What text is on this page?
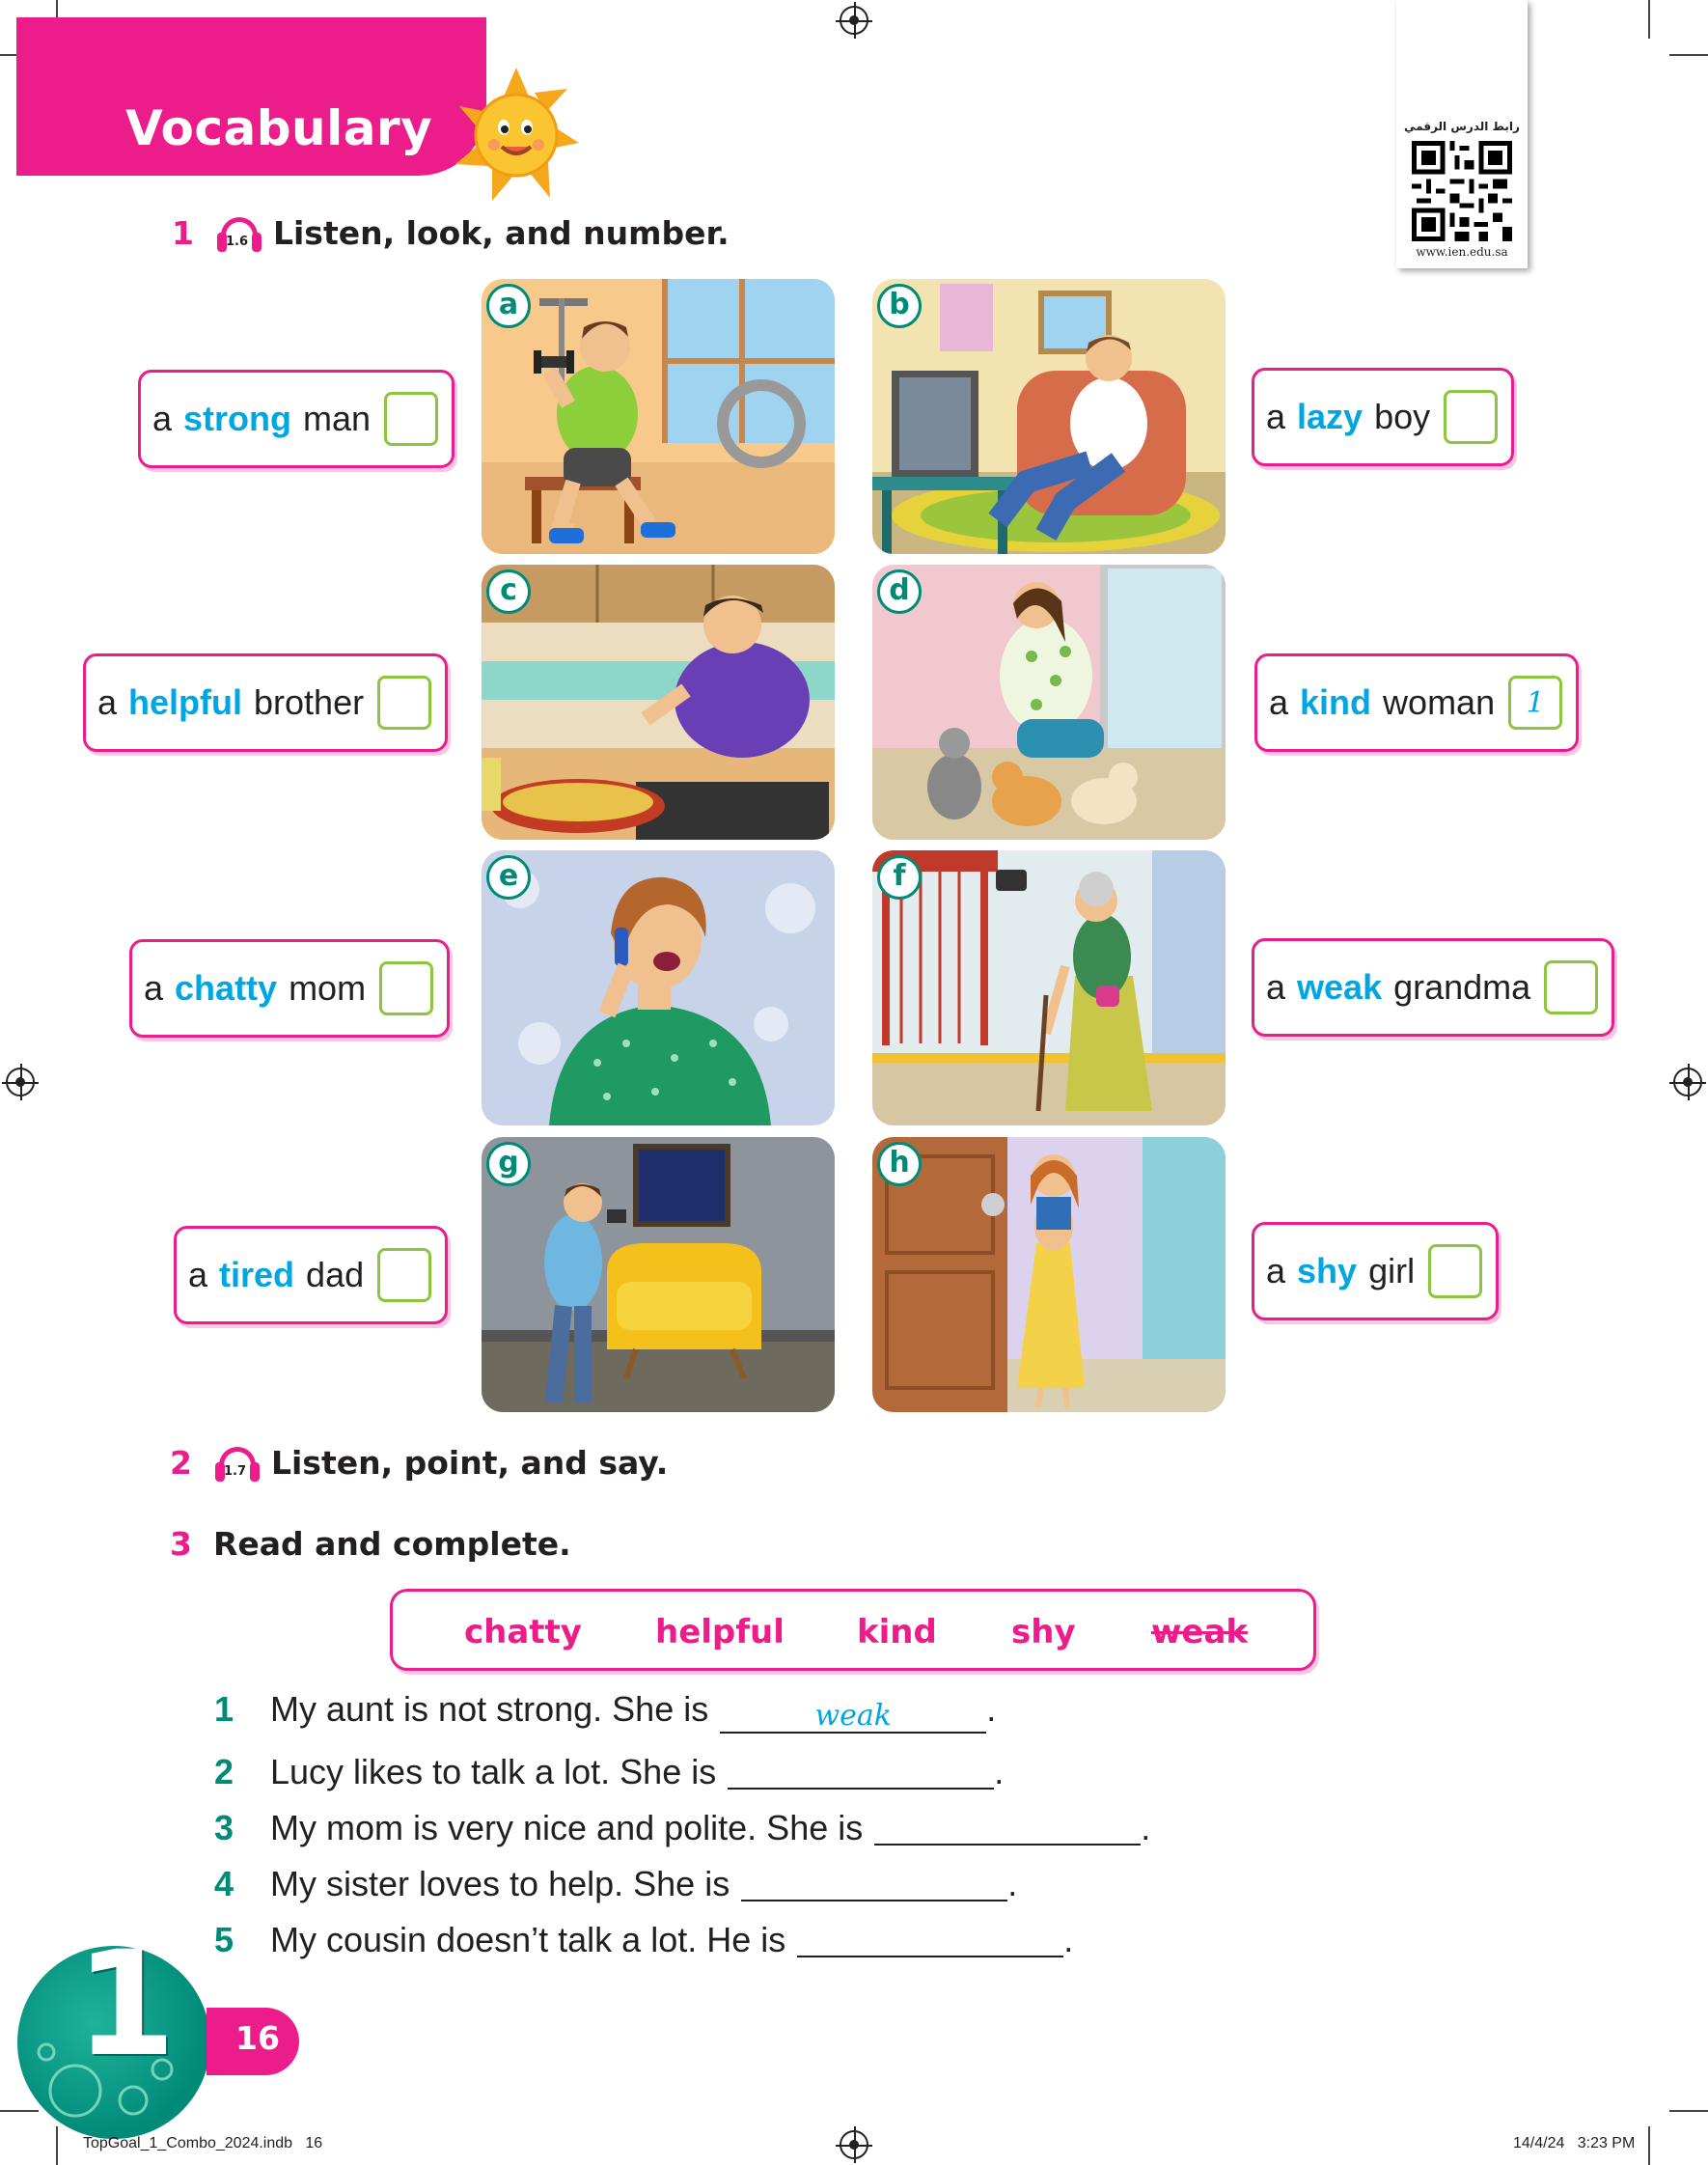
Vocabulary	رابط الدرس الرقمي
www.ien.edu.sa
1	1.6 Listen, look, and number.
a	b
c	d
e	f
g	h
a strong man	a lazy boy
a helpful brother	a kind woman	1
a chatty mom	a weak grandma
a tired dad	a shy girl
2	1.7 Listen, point, and say.
3 Read and complete.
chatty helpful kind shy weak
1	My aunt is not strong. She is	weak	.
2	Lucy likes to talk a lot. She is	.
3	My mom is very nice and polite. She is	.
4	My sister loves to help. She is	.
5	My cousin doesn’t talk a lot. He is	.
1 16
TopGoal_1_Combo_2024.indb   16	14/4/24   3:23 PM
